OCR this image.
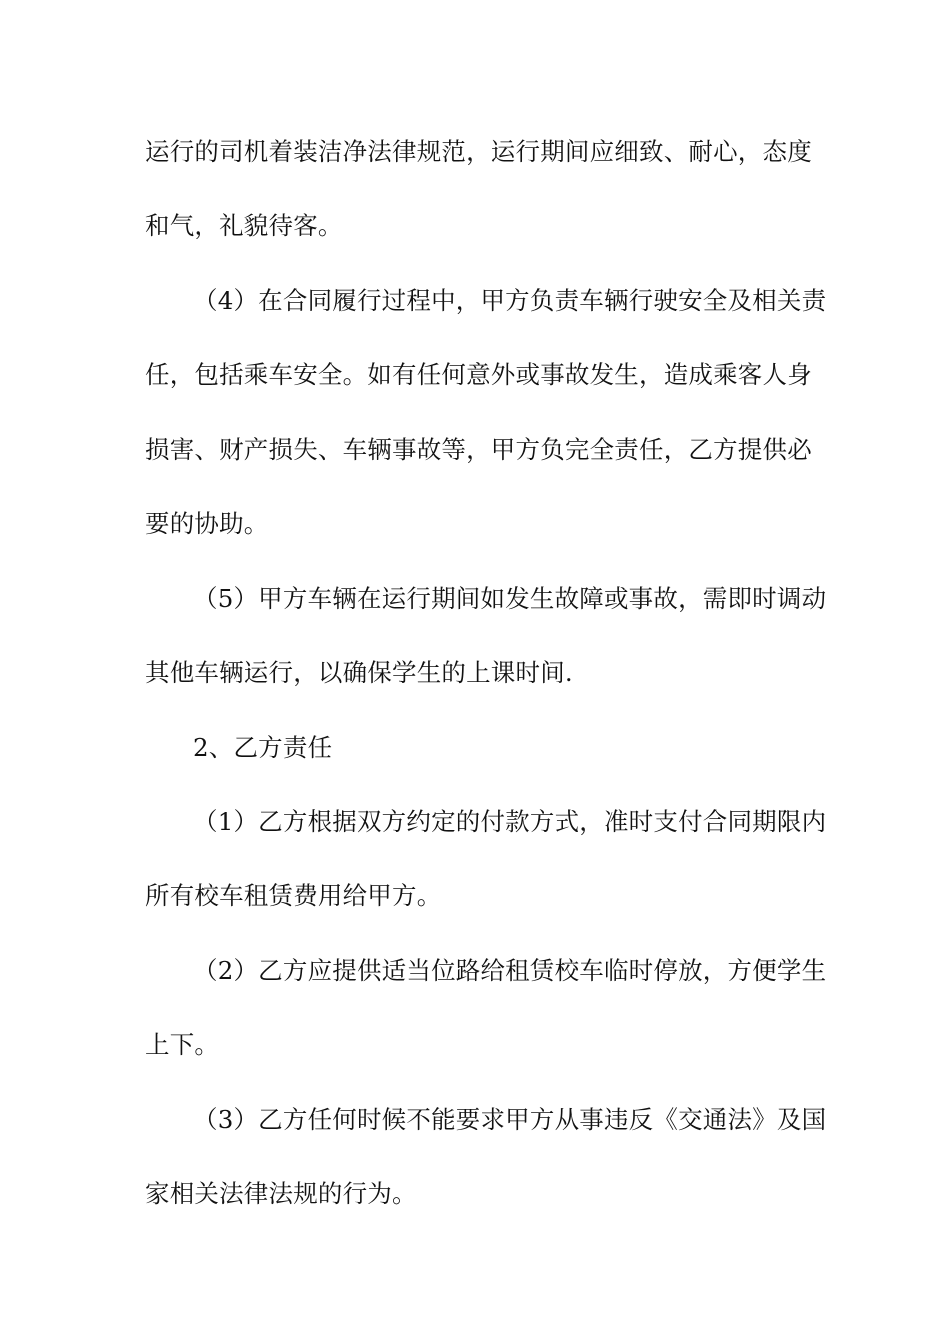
运行的司机着装洁净法律规范，运行期间应细致、耐心，态度
和气，礼貌待客。
（4）在合同履行过程中，甲方负责车辆行驶安全及相关责
任，包括乘车安全。如有任何意外或事故发生，造成乘客人身
损害、财产损失、车辆事故等，甲方负完全责任，乙方提供必
要的协助。
（5）甲方车辆在运行期间如发生故障或事故，需即时调动
其他车辆运行，以确保学生的上课时间.
2、乙方责任
（1）乙方根据双方约定的付款方式，准时支付合同期限内
所有校车租赁费用给甲方。
（2）乙方应提供适当位路给租赁校车临时停放，方便学生
上下。
（3）乙方任何时候不能要求甲方从事违反《交通法》及国
家相关法律法规的行为。
